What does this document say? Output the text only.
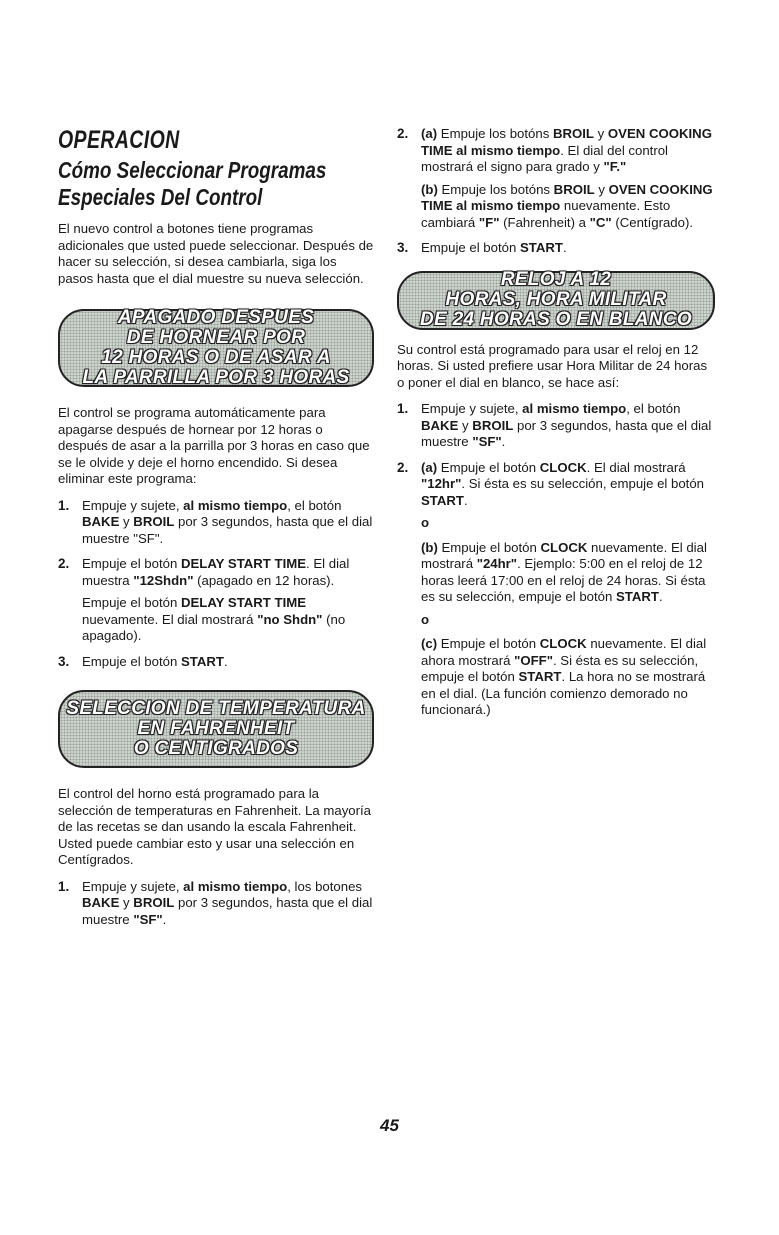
OPERACION
Cómo Seleccionar Programas
Especiales Del Control

El nuevo control a botones tiene programas adicionales que usted puede seleccionar. Después de hacer su selección, si desea cambiarla, siga los pasos hasta que el dial muestre su nueva selección.

APAGADO DESPUES
DE HORNEAR POR
12 HORAS O DE ASAR A
LA PARRILLA POR 3 HORAS

El control se programa automáticamente para apagarse después de hornear por 12 horas o después de asar a la parrilla por 3 horas en caso que se le olvide y deje el horno encendido. Si desea eliminar este programa:

1. Empuje y sujete, al mismo tiempo, el botón BAKE y BROIL por 3 segundos, hasta que el dial muestre "SF".

2. Empuje el botón DELAY START TIME. El dial muestra "12Shdn" (apagado en 12 horas).

Empuje el botón DELAY START TIME nuevamente. El dial mostrará "no Shdn" (no apagado).

3. Empuje el botón START.

SELECCION DE TEMPERATURA
EN FAHRENHEIT
O CENTIGRADOS

El control del horno está programado para la selección de temperaturas en Fahrenheit. La mayoría de las recetas se dan usando la escala Fahrenheit. Usted puede cambiar esto y usar una selección en Centígrados.

1. Empuje y sujete, al mismo tiempo, los botones BAKE y BROIL por 3 segundos, hasta que el dial muestre "SF".

2. (a) Empuje los botóns BROIL y OVEN COOKING TIME al mismo tiempo. El dial del control mostrará el signo para grado y "F."

(b) Empuje los botóns BROIL y OVEN COOKING TIME al mismo tiempo nuevamente. Esto cambiará "F" (Fahrenheit) a "C" (Centígrado).

3. Empuje el botón START.

RELOJ A 12
HORAS, HORA MILITAR
DE 24 HORAS O EN BLANCO

Su control está programado para usar el reloj en 12 horas. Si usted prefiere usar Hora Militar de 24 horas o poner el dial en blanco, se hace así:

1. Empuje y sujete, al mismo tiempo, el botón BAKE y BROIL por 3 segundos, hasta que el dial muestre "SF".

2. (a) Empuje el botón CLOCK. El dial mostrará "12hr". Si ésta es su selección, empuje el botón START.

o

(b) Empuje el botón CLOCK nuevamente. El dial mostrará "24hr". Ejemplo: 5:00 en el reloj de 12 horas leerá 17:00 en el reloj de 24 horas. Si ésta es su selección, empuje el botón START.

o

(c) Empuje el botón CLOCK nuevamente. El dial ahora mostrará "OFF". Si ésta es su selección, empuje el botón START. La hora no se mostrará en el dial. (La función comienzo demorado no funcionará.)

45
